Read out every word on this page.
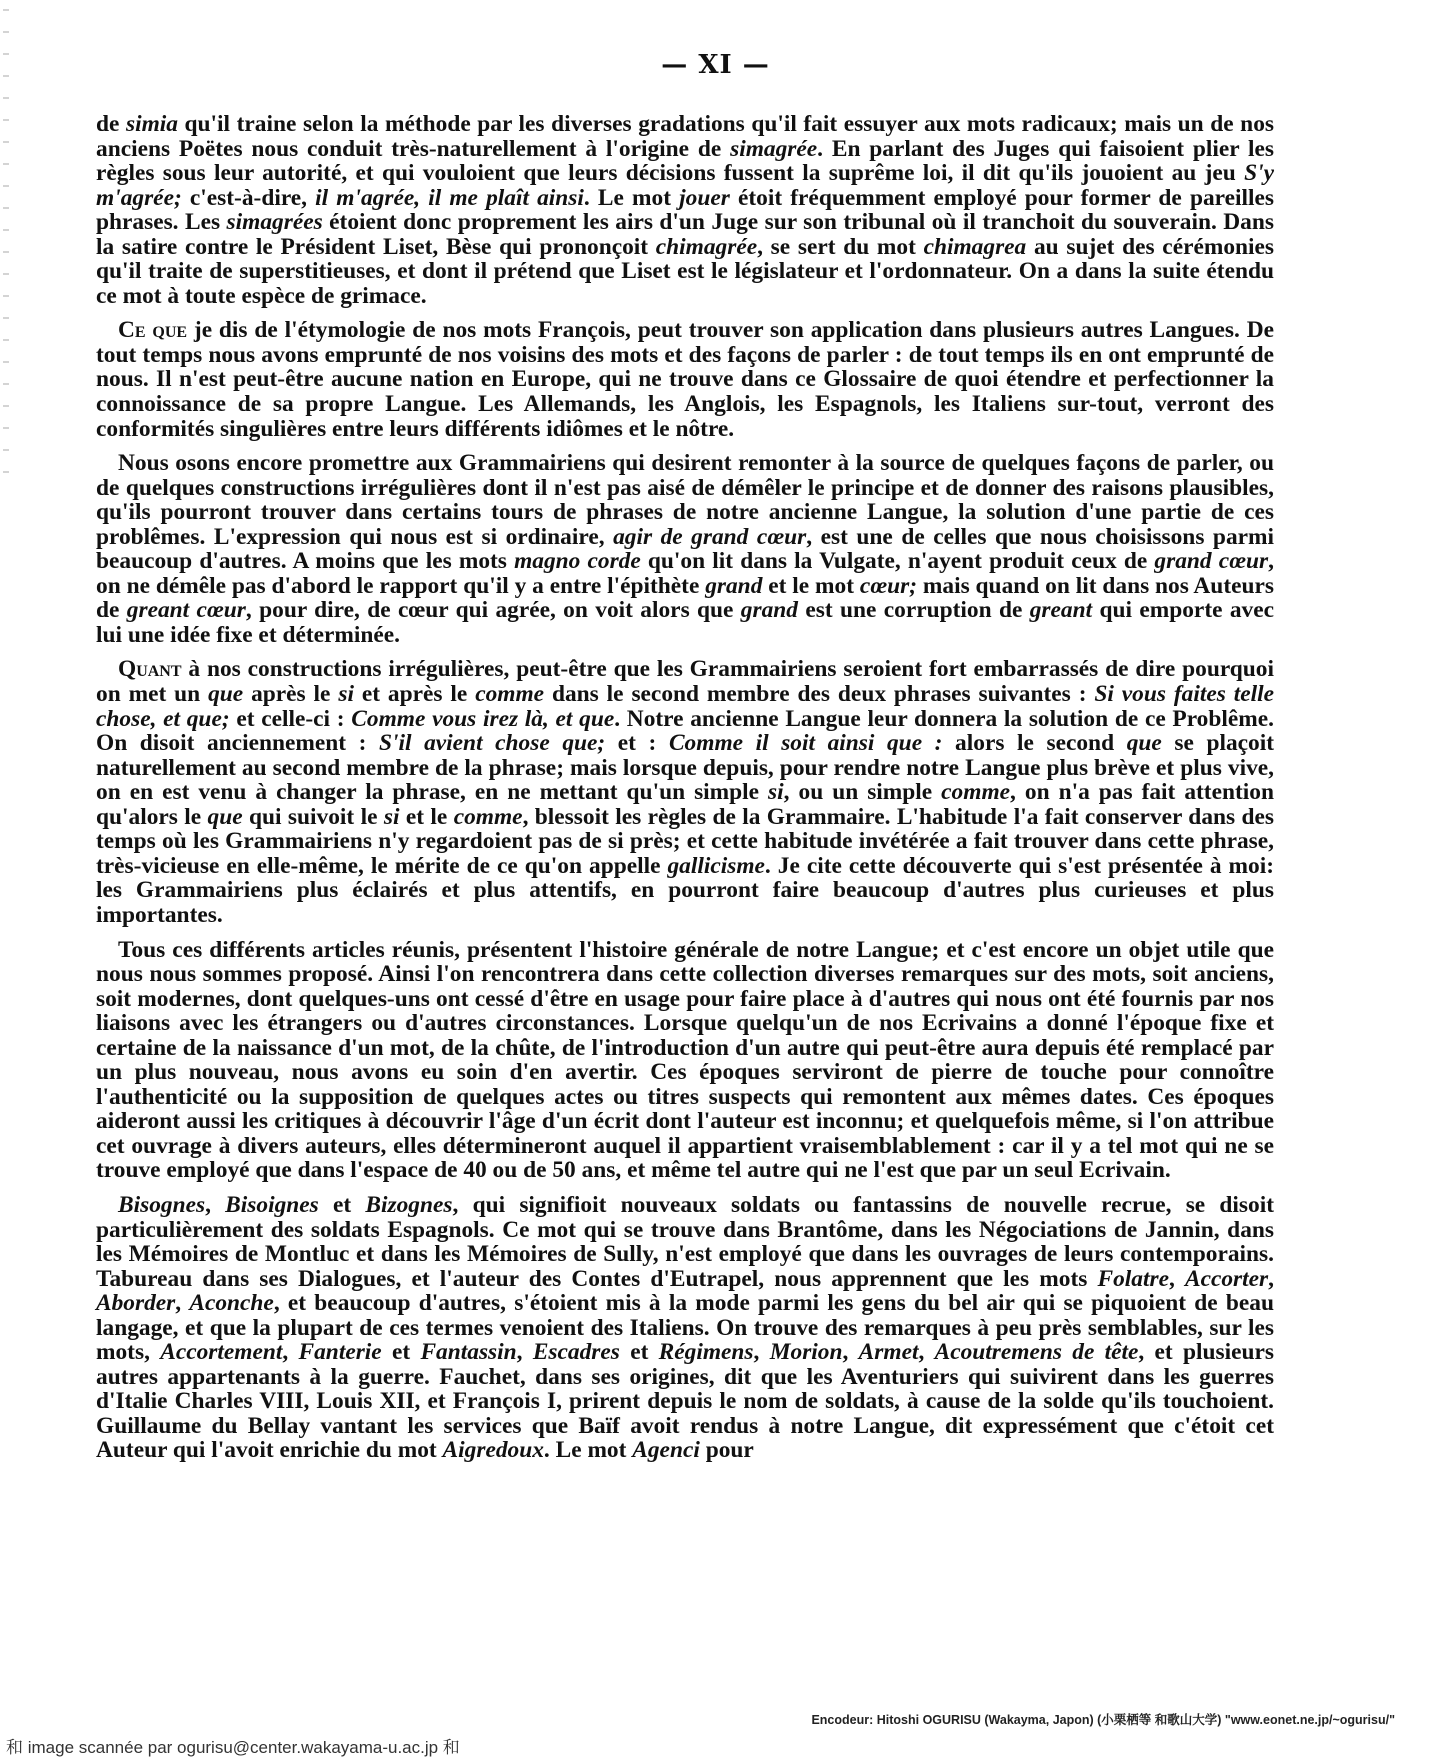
— XI —

de simia qu'il traine selon la méthode par les diverses gradations qu'il fait essuyer aux mots radicaux; mais un de nos anciens Poëtes nous conduit très-naturellement à l'origine de simagrée. En parlant des Juges qui faisoient plier les règles sous leur autorité, et qui vouloient que leurs décisions fussent la suprême loi, il dit qu'ils jouoient au jeu S'y m'agrée; c'est-à-dire, il m'agrée, il me plaît ainsi. Le mot jouer étoit fréquemment employé pour former de pareilles phrases. Les simagrées étoient donc proprement les airs d'un Juge sur son tribunal où il tranchoit du souverain. Dans la satire contre le Président Liset, Bèse qui prononçoit chimagrée, se sert du mot chimagrea au sujet des cérémonies qu'il traite de superstitieuses, et dont il prétend que Liset est le législateur et l'ordonnateur. On a dans la suite étendu ce mot à toute espèce de grimace.

Ce que je dis de l'étymologie de nos mots François, peut trouver son application dans plusieurs autres Langues. De tout temps nous avons emprunté de nos voisins des mots et des façons de parler : de tout temps ils en ont emprunté de nous. Il n'est peut-être aucune nation en Europe, qui ne trouve dans ce Glossaire de quoi étendre et perfectionner la connoissance de sa propre Langue. Les Allemands, les Anglois, les Espagnols, les Italiens sur-tout, verront des conformités singulières entre leurs différents idiômes et le nôtre.

Nous osons encore promettre aux Grammairiens qui desirent remonter à la source de quelques façons de parler, ou de quelques constructions irrégulières dont il n'est pas aisé de démêler le principe et de donner des raisons plausibles, qu'ils pourront trouver dans certains tours de phrases de notre ancienne Langue, la solution d'une partie de ces problêmes. L'expression qui nous est si ordinaire, agir de grand cœur, est une de celles que nous choisissons parmi beaucoup d'autres. A moins que les mots magno corde qu'on lit dans la Vulgate, n'ayent produit ceux de grand cœur, on ne démêle pas d'abord le rapport qu'il y a entre l'épithète grand et le mot cœur; mais quand on lit dans nos Auteurs de greant cœur, pour dire, de cœur qui agrée, on voit alors que grand est une corruption de greant qui emporte avec lui une idée fixe et déterminée.

Quant à nos constructions irrégulières, peut-être que les Grammairiens seroient fort embarrassés de dire pourquoi on met un que après le si et après le comme dans le second membre des deux phrases suivantes : Si vous faites telle chose, et que; et celle-ci : Comme vous irez là, et que. Notre ancienne Langue leur donnera la solution de ce Problême. On disoit anciennement : S'il avient chose que; et : Comme il soit ainsi que : alors le second que se plaçoit naturellement au second membre de la phrase; mais lorsque depuis, pour rendre notre Langue plus brève et plus vive, on en est venu à changer la phrase, en ne mettant qu'un simple si, ou un simple comme, on n'a pas fait attention qu'alors le que qui suivoit le si et le comme, blessoit les règles de la Grammaire. L'habitude l'a fait conserver dans des temps où les Grammairiens n'y regardoient pas de si près; et cette habitude invétérée a fait trouver dans cette phrase, très-vicieuse en elle-même, le mérite de ce qu'on appelle gallicisme. Je cite cette découverte qui s'est présentée à moi: les Grammairiens plus éclairés et plus attentifs, en pourront faire beaucoup d'autres plus curieuses et plus importantes.

Tous ces différents articles réunis, présentent l'histoire générale de notre Langue; et c'est encore un objet utile que nous nous sommes proposé. Ainsi l'on rencontrera dans cette collection diverses remarques sur des mots, soit anciens, soit modernes, dont quelques-uns ont cessé d'être en usage pour faire place à d'autres qui nous ont été fournis par nos liaisons avec les étrangers ou d'autres circonstances. Lorsque quelqu'un de nos Ecrivains a donné l'époque fixe et certaine de la naissance d'un mot, de la chûte, de l'introduction d'un autre qui peut-être aura depuis été remplacé par un plus nouveau, nous avons eu soin d'en avertir. Ces époques serviront de pierre de touche pour connoître l'authenticité ou la supposition de quelques actes ou titres suspects qui remontent aux mêmes dates. Ces époques aideront aussi les critiques à découvrir l'âge d'un écrit dont l'auteur est inconnu; et quelquefois même, si l'on attribue cet ouvrage à divers auteurs, elles détermineront auquel il appartient vraisemblablement : car il y a tel mot qui ne se trouve employé que dans l'espace de 40 ou de 50 ans, et même tel autre qui ne l'est que par un seul Ecrivain.

Bisognes, Bisoignes et Bizognes, qui signifioit nouveaux soldats ou fantassins de nouvelle recrue, se disoit particulièrement des soldats Espagnols. Ce mot qui se trouve dans Brantôme, dans les Négociations de Jannin, dans les Mémoires de Montluc et dans les Mémoires de Sully, n'est employé que dans les ouvrages de leurs contemporains. Tabureau dans ses Dialogues, et l'auteur des Contes d'Eutrapel, nous apprennent que les mots Folatre, Accorter, Aborder, Aconche, et beaucoup d'autres, s'étoient mis à la mode parmi les gens du bel air qui se piquoient de beau langage, et que la plupart de ces termes venoient des Italiens. On trouve des remarques à peu près semblables, sur les mots, Accortement, Fanterie et Fantassin, Escadres et Régimens, Morion, Armet, Acoutremens de tête, et plusieurs autres appartenants à la guerre. Fauchet, dans ses origines, dit que les Aventuriers qui suivirent dans les guerres d'Italie Charles VIII, Louis XII, et François I, prirent depuis le nom de soldats, à cause de la solde qu'ils touchoient. Guillaume du Bellay vantant les services que Baïf avoit rendus à notre Langue, dit expressément que c'étoit cet Auteur qui l'avoit enrichie du mot Aigredoux. Le mot Agenci pour

Encodeur: Hitoshi OGURISU (Wakayma, Japon) (小栗栖等 和歌山大学) "www.eonet.ne.jp/~ogurisu/"
和 image scannée par ogurisu@center.wakayama-u.ac.jp 和
